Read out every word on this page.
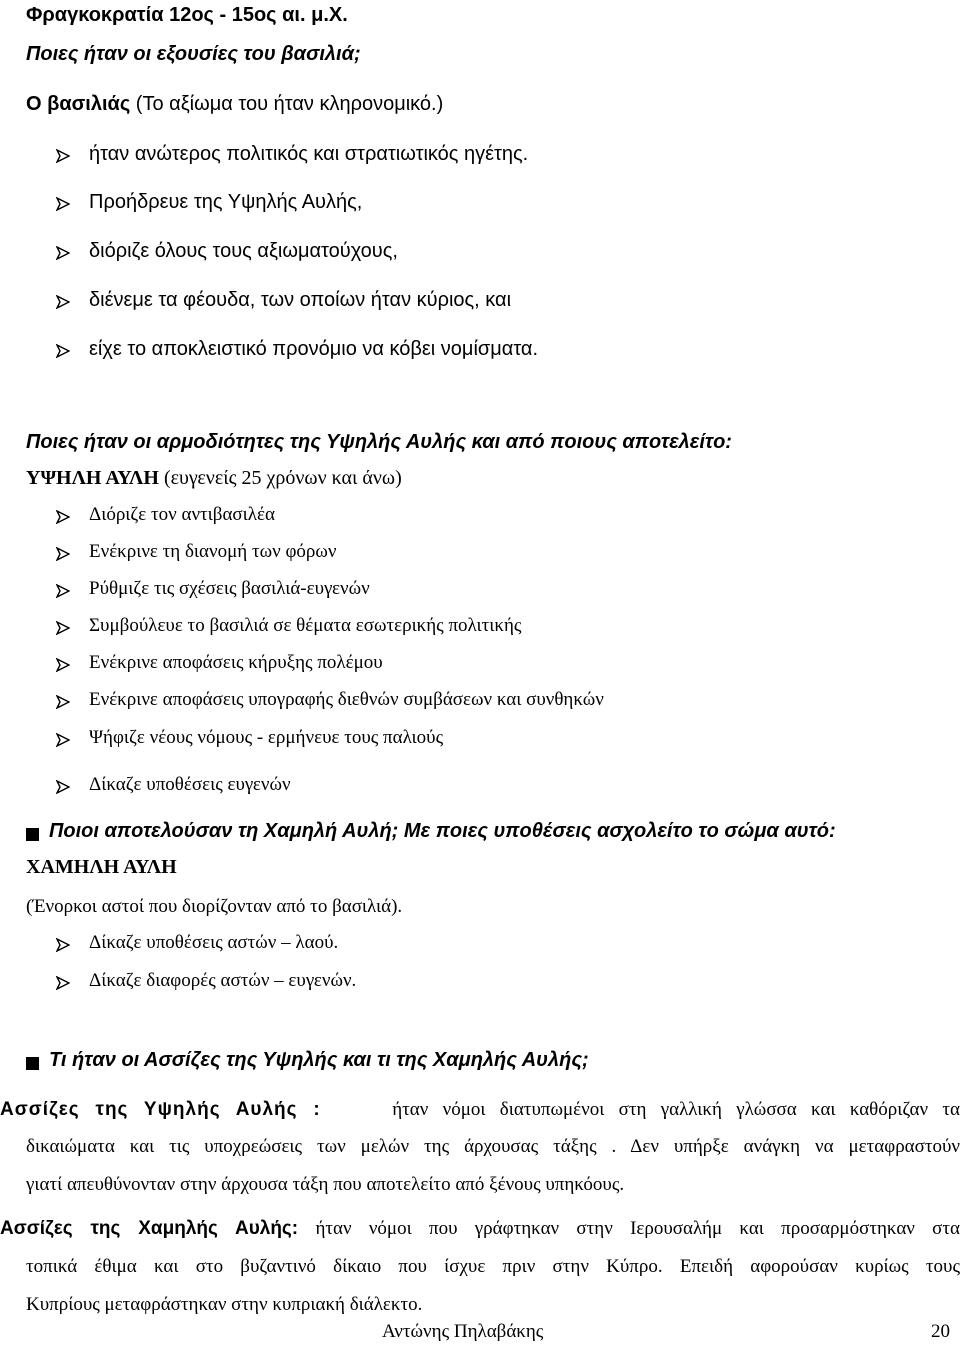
Φραγκοκρατία 12ος - 15ος αι. μ.Χ.
Ποιες ήταν οι εξουσίες του βασιλιά;
Ο βασιλιάς (Το αξίωμα του ήταν κληρονομικό.)
ήταν ανώτερος πολιτικός και στρατιωτικός ηγέτης.
Προήδρευε της Υψηλής Αυλής,
διόριζε όλους τους αξιωματούχους,
διένεμε τα φέουδα, των οποίων ήταν κύριος, και
είχε το αποκλειστικό προνόμιο να κόβει νομίσματα.
Ποιες ήταν οι αρμοδιότητες της Υψηλής Αυλής και από ποιους αποτελείτο:
ΥΨΗΛΗ ΑΥΛΗ (ευγενείς 25 χρόνων και άνω)
Διόριζε τον αντιβασιλέα
Ενέκρινε τη διανομή των φόρων
Ρύθμιζε τις σχέσεις βασιλιά-ευγενών
Συμβούλευε το βασιλιά σε θέματα εσωτερικής πολιτικής
Ενέκρινε αποφάσεις κήρυξης πολέμου
Ενέκρινε αποφάσεις υπογραφής διεθνών συμβάσεων και συνθηκών
Ψήφιζε νέους νόμους - ερμήνευε τους παλιούς
Δίκαζε υποθέσεις ευγενών
Ποιοι αποτελούσαν τη Χαμηλή Αυλή; Με ποιες υποθέσεις ασχολείτο το σώμα αυτό:
ΧΑΜΗΛΗ ΑΥΛΗ
(Ένορκοι αστοί που διορίζονταν από το βασιλιά).
Δίκαζε υποθέσεις αστών – λαού.
Δίκαζε διαφορές αστών – ευγενών.
Τι ήταν οι Ασσίζες της Υψηλής και τι της Χαμηλής Αυλής;
Ασσίζες της Υψηλής Αυλής :	ήταν νόμοι διατυπωμένοι στη γαλλική γλώσσα και καθόριζαν τα
δικαιώματα και τις υποχρεώσεις των μελών της άρχουσας τάξης . Δεν υπήρξε ανάγκη να μεταφραστούν
γιατί απευθύνονταν στην άρχουσα τάξη που αποτελείτο από ξένους υπηκόους.
Ασσίζες της Χαμηλής Αυλής: ήταν νόμοι που γράφτηκαν στην Ιερουσαλήμ και προσαρμόστηκαν στα
τοπικά έθιμα και στο βυζαντινό δίκαιο που ίσχυε πριν στην Κύπρο. Επειδή αφορούσαν κυρίως τους
Κυπρίους μεταφράστηκαν στην κυπριακή διάλεκτο.
Αντώνης Πηλαβάκης	20
